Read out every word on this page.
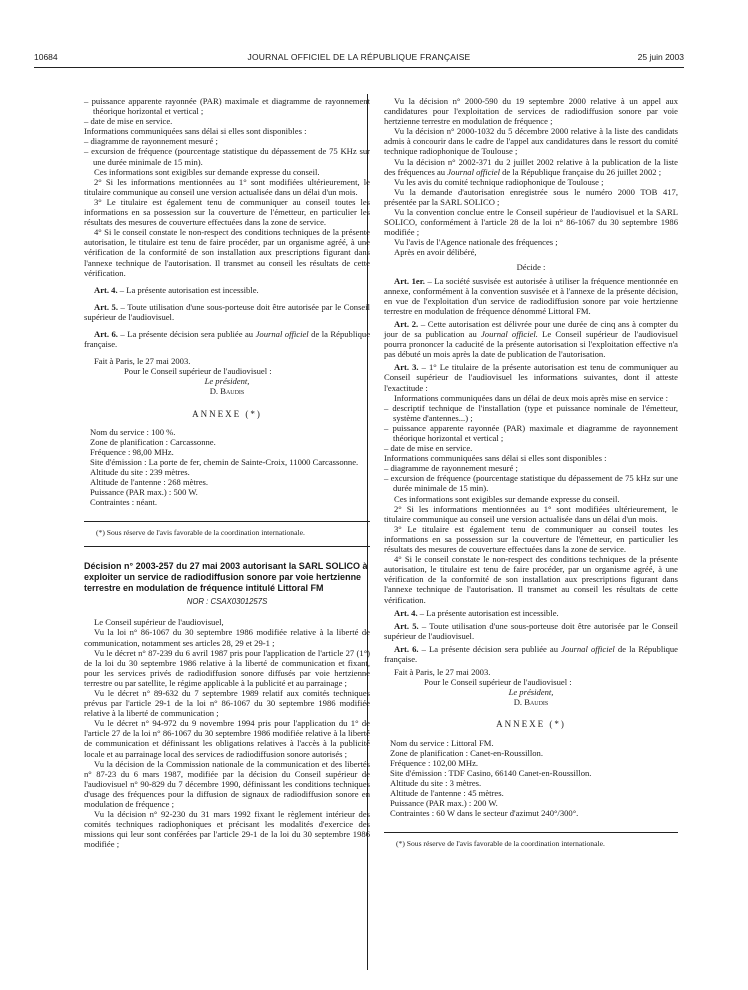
10684	JOURNAL OFFICIEL DE LA RÉPUBLIQUE FRANÇAISE	25 juin 2003

– puissance apparente rayonnée (PAR) maximale et diagramme de rayonnement théorique horizontal et vertical ;

– date de mise en service.

Informations communiquées sans délai si elles sont disponibles :

– diagramme de rayonnement mesuré ;

– excursion de fréquence (pourcentage statistique du dépassement de 75 KHz sur une durée minimale de 15 min).

Ces informations sont exigibles sur demande expresse du conseil.

2° Si les informations mentionnées au 1° sont modifiées ultérieurement, le titulaire communique au conseil une version actualisée dans un délai d'un mois.

3° Le titulaire est également tenu de communiquer au conseil toutes les informations en sa possession sur la couverture de l'émetteur, en particulier les résultats des mesures de couverture effectuées dans la zone de service.

4° Si le conseil constate le non-respect des conditions techniques de la présente autorisation, le titulaire est tenu de faire procéder, par un organisme agréé, à une vérification de la conformité de son installation aux prescriptions figurant dans l'annexe technique de l'autorisation. Il transmet au conseil les résultats de cette vérification.

Art. 4. – La présente autorisation est incessible.

Art. 5. – Toute utilisation d'une sous-porteuse doit être autorisée par le Conseil supérieur de l'audiovisuel.

Art. 6. – La présente décision sera publiée au Journal officiel de la République française.

Fait à Paris, le 27 mai 2003.

Pour le Conseil supérieur de l'audiovisuel :

Le président,

D. Baudis

ANNEXE (*)

Nom du service : 100 %.

Zone de planification : Carcassonne.

Fréquence : 98,00 MHz.

Site d'émission : La porte de fer, chemin de Sainte-Croix, 11000 Carcassonne.

Altitude du site : 239 mètres.

Altitude de l'antenne : 268 mètres.

Puissance (PAR max.) : 500 W.

Contraintes : néant.

(*) Sous réserve de l'avis favorable de la coordination internationale.

Décision n° 2003-257 du 27 mai 2003 autorisant la SARL SOLICO à exploiter un service de radiodiffusion sonore par voie hertzienne terrestre en modulation de fréquence intitulé Littoral FM

NOR : CSAX0301257S

Le Conseil supérieur de l'audiovisuel,

Vu la loi n° 86-1067 du 30 septembre 1986 modifiée relative à la liberté de communication, notamment ses articles 28, 29 et 29-1 ;

Vu le décret n° 87-239 du 6 avril 1987 pris pour l'application de l'article 27 (1°) de la loi du 30 septembre 1986 relative à la liberté de communication et fixant, pour les services privés de radiodiffusion sonore diffusés par voie hertzienne terrestre ou par satellite, le régime applicable à la publicité et au parrainage ;

Vu le décret n° 89-632 du 7 septembre 1989 relatif aux comités techniques prévus par l'article 29-1 de la loi n° 86-1067 du 30 septembre 1986 modifiée relative à la liberté de communication ;

Vu le décret n° 94-972 du 9 novembre 1994 pris pour l'application du 1° de l'article 27 de la loi n° 86-1067 du 30 septembre 1986 modifiée relative à la liberté de communication et définissant les obligations relatives à l'accès à la publicité locale et au parrainage local des services de radiodiffusion sonore autorisés ;

Vu la décision de la Commission nationale de la communication et des libertés n° 87-23 du 6 mars 1987, modifiée par la décision du Conseil supérieur de l'audiovisuel n° 90-829 du 7 décembre 1990, définissant les conditions techniques d'usage des fréquences pour la diffusion de signaux de radiodiffusion sonore en modulation de fréquence ;

Vu la décision n° 92-230 du 31 mars 1992 fixant le règlement intérieur des comités techniques radiophoniques et précisant les modalités d'exercice des missions qui leur sont conférées par l'article 29-1 de la loi du 30 septembre 1986 modifiée ;

Vu la décision n° 2000-590 du 19 septembre 2000 relative à un appel aux candidatures pour l'exploitation de services de radiodiffusion sonore par voie hertzienne terrestre en modulation de fréquence ;

Vu la décision n° 2000-1032 du 5 décembre 2000 relative à la liste des candidats admis à concourir dans le cadre de l'appel aux candidatures dans le ressort du comité technique radiophonique de Toulouse ;

Vu la décision n° 2002-371 du 2 juillet 2002 relative à la publication de la liste des fréquences au Journal officiel de la République française du 26 juillet 2002 ;

Vu les avis du comité technique radiophonique de Toulouse ;

Vu la demande d'autorisation enregistrée sous le numéro 2000 TOB 417, présentée par la SARL SOLICO ;

Vu la convention conclue entre le Conseil supérieur de l'audiovisuel et la SARL SOLICO, conformément à l'article 28 de la loi n° 86-1067 du 30 septembre 1986 modifiée ;

Vu l'avis de l'Agence nationale des fréquences ;

Après en avoir délibéré,

Décide :

Art. 1er. – La société susvisée est autorisée à utiliser la fréquence mentionnée en annexe, conformément à la convention susvisée et à l'annexe de la présente décision, en vue de l'exploitation d'un service de radiodiffusion sonore par voie hertzienne terrestre en modulation de fréquence dénommé Littoral FM.

Art. 2. – Cette autorisation est délivrée pour une durée de cinq ans à compter du jour de sa publication au Journal officiel. Le Conseil supérieur de l'audiovisuel pourra prononcer la caducité de la présente autorisation si l'exploitation effective n'a pas débuté un mois après la date de publication de l'autorisation.

Art. 3. – 1° Le titulaire de la présente autorisation est tenu de communiquer au Conseil supérieur de l'audiovisuel les informations suivantes, dont il atteste l'exactitude :

Informations communiquées dans un délai de deux mois après mise en service :

– descriptif technique de l'installation (type et puissance nominale de l'émetteur, système d'antennes...) ;

– puissance apparente rayonnée (PAR) maximale et diagramme de rayonnement théorique horizontal et vertical ;

– date de mise en service.

Informations communiquées sans délai si elles sont disponibles :

– diagramme de rayonnement mesuré ;

– excursion de fréquence (pourcentage statistique du dépassement de 75 kHz sur une durée minimale de 15 min).

Ces informations sont exigibles sur demande expresse du conseil.

2° Si les informations mentionnées au 1° sont modifiées ultérieurement, le titulaire communique au conseil une version actualisée dans un délai d'un mois.

3° Le titulaire est également tenu de communiquer au conseil toutes les informations en sa possession sur la couverture de l'émetteur, en particulier les résultats des mesures de couverture effectuées dans la zone de service.

4° Si le conseil constate le non-respect des conditions techniques de la présente autorisation, le titulaire est tenu de faire procéder, par un organisme agréé, à une vérification de la conformité de son installation aux prescriptions figurant dans l'annexe technique de l'autorisation. Il transmet au conseil les résultats de cette vérification.

Art. 4. – La présente autorisation est incessible.

Art. 5. – Toute utilisation d'une sous-porteuse doit être autorisée par le Conseil supérieur de l'audiovisuel.

Art. 6. – La présente décision sera publiée au Journal officiel de la République française.

Fait à Paris, le 27 mai 2003.

Pour le Conseil supérieur de l'audiovisuel :

Le président,

D. Baudis

ANNEXE (*)

Nom du service : Littoral FM.

Zone de planification : Canet-en-Roussillon.

Fréquence : 102,00 MHz.

Site d'émission : TDF Casino, 66140 Canet-en-Roussillon.

Altitude du site : 3 mètres.

Altitude de l'antenne : 45 mètres.

Puissance (PAR max.) : 200 W.

Contraintes : 60 W dans le secteur d'azimut 240°/300°.

(*) Sous réserve de l'avis favorable de la coordination internationale.
